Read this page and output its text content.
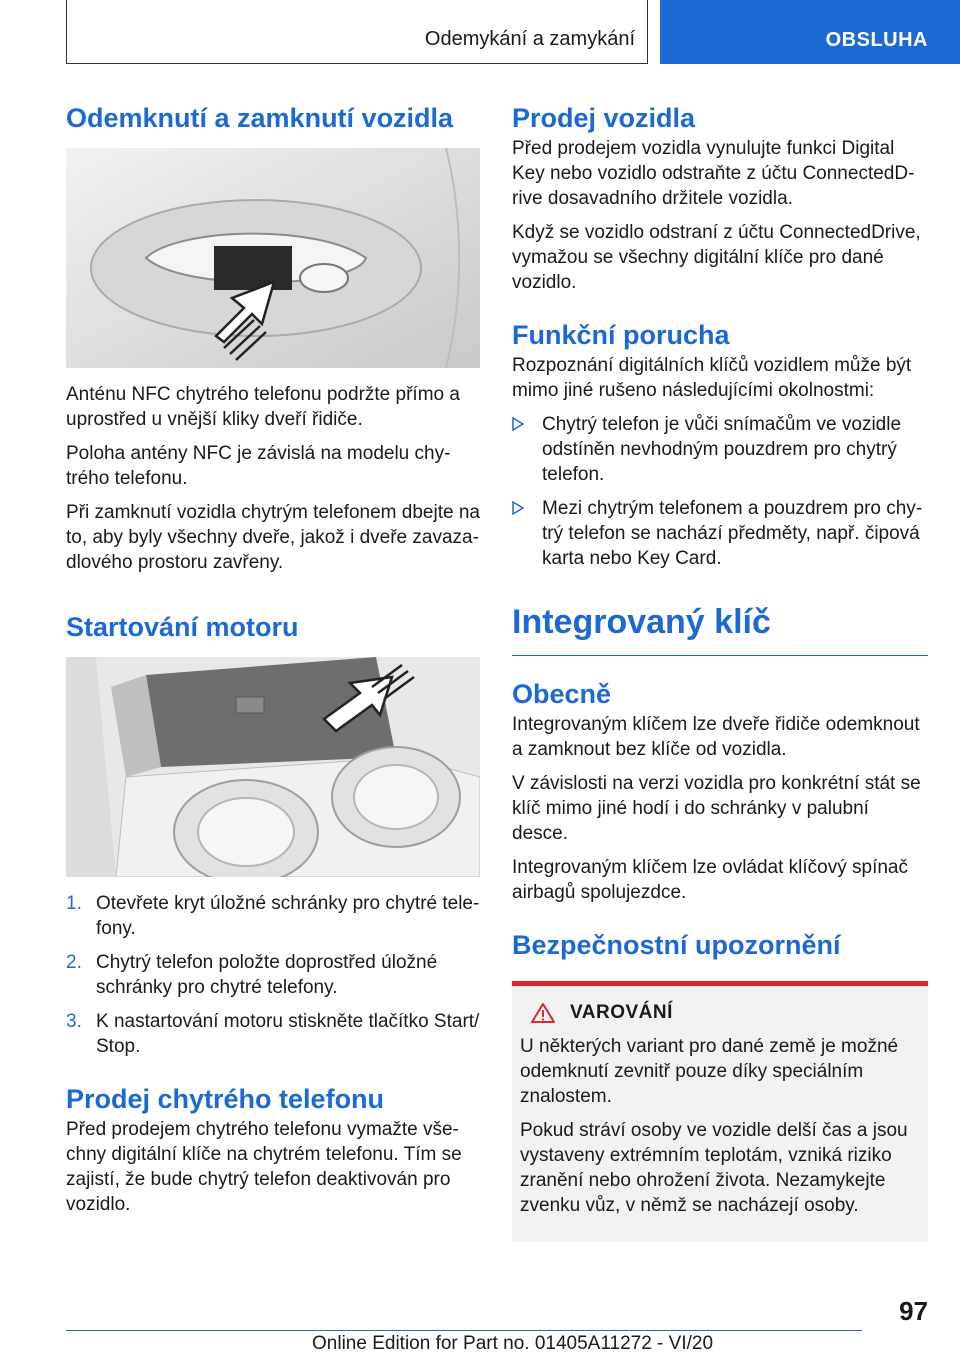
Odemykání a zamykání	OBSLUHA
Odemknutí a zamknutí vozidla

Anténu NFC chytrého telefonu podržte přímo a uprostřed u vnější kliky dveří řidiče.

Poloha antény NFC je závislá na modelu chytrého telefonu.

Při zamknutí vozidla chytrým telefonem dbejte na to, aby byly všechny dveře, jakož i dveře zavazadlového prostoru zavřeny.

Startování motoru
1. Otevřete kryt úložné schránky pro chytré telefony.
2. Chytrý telefon položte doprostřed úložné schránky pro chytré telefony.
3. K nastartování motoru stiskněte tlačítko Start/ Stop.
Prodej chytrého telefonu

Před prodejem chytrého telefonu vymažte všechny digitální klíče na chytrém telefonu. Tím se zajistí, že bude chytrý telefon deaktivován pro vozidlo.

Prodej vozidla

Před prodejem vozidla vynulujte funkci Digital Key nebo vozidlo odstraňte z účtu ConnectedDrive dosavadního držitele vozidla.

Když se vozidlo odstraní z účtu ConnectedDrive, vymažou se všechny digitální klíče pro dané vozidlo.

Funkční porucha

Rozpoznání digitálních klíčů vozidlem může být mimo jiné rušeno následujícími okolnostmi:

Chytrý telefon je vůči snímačům ve vozidle odstíněn nevhodným pouzdrem pro chytrý telefon.
Mezi chytrým telefonem a pouzdrem pro chytrý telefon se nachází předměty, např. čipová karta nebo Key Card.
Integrovaný klíč
Obecně

Integrovaným klíčem lze dveře řidiče odemknout a zamknout bez klíče od vozidla.

V závislosti na verzi vozidla pro konkrétní stát se klíč mimo jiné hodí i do schránky v palubní desce.

Integrovaným klíčem lze ovládat klíčový spínač airbagů spolujezdce.

Bezpečnostní upozornění
VAROVÁNÍ

U některých variant pro dané země je možné odemknutí zevnitř pouze díky speciálním znalostem.

Pokud stráví osoby ve vozidle delší čas a jsou vystaveny extrémním teplotám, vzniká riziko zranění nebo ohrožení života. Nezamykejte zvenku vůz, v němž se nacházejí osoby.

97
Online Edition for Part no. 01405A11272 - VI/20
